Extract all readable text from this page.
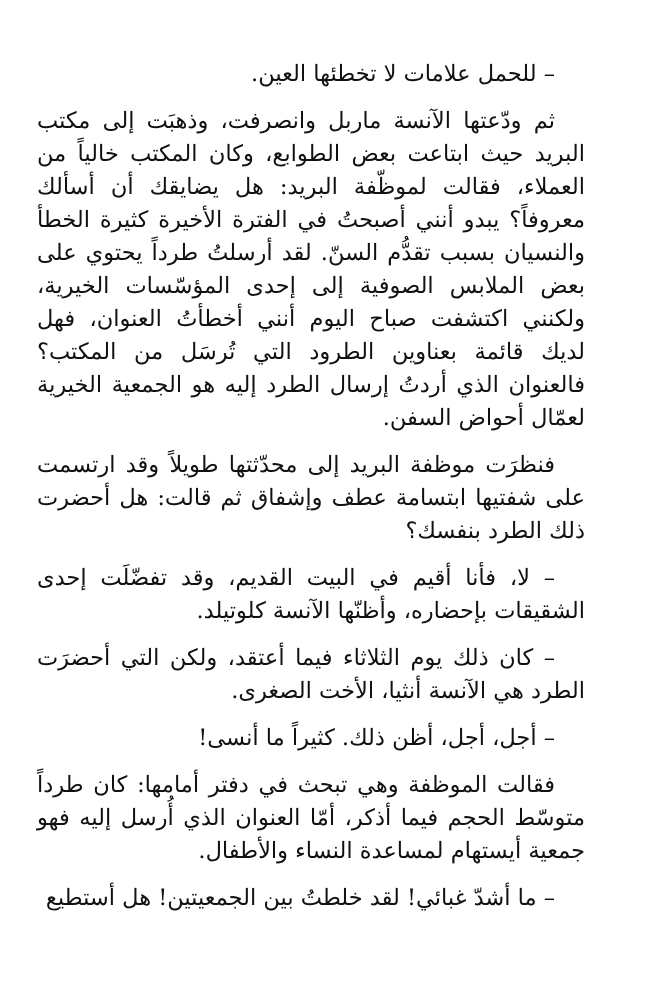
– للحمل علامات لا تخطئها العين.

ثم ودّعتها الآنسة ماربل وانصرفت، وذهبَت إلى مكتب البريد حيث ابتاعت بعض الطوابع، وكان المكتب خالياً من العملاء، فقالت لموظّفة البريد: هل يضايقك أن أسألك معروفاً؟ يبدو أنني أصبحتُ في الفترة الأخيرة كثيرة الخطأ والنسيان بسبب تقدُّم السنّ. لقد أرسلتُ طرداً يحتوي على بعض الملابس الصوفية إلى إحدى المؤسّسات الخيرية، ولكنني اكتشفت صباح اليوم أنني أخطأتُ العنوان، فهل لديك قائمة بعناوين الطرود التي تُرسَل من المكتب؟ فالعنوان الذي أردتُ إرسال الطرد إليه هو الجمعية الخيرية لعمّال أحواض السفن.

فنظرَت موظفة البريد إلى محدّثتها طويلاً وقد ارتسمت على شفتيها ابتسامة عطف وإشفاق ثم قالت: هل أحضرت ذلك الطرد بنفسك؟

– لا، فأنا أقيم في البيت القديم، وقد تفضّلَت إحدى الشقيقات بإحضاره، وأظنّها الآنسة كلوتيلد.

– كان ذلك يوم الثلاثاء فيما أعتقد، ولكن التي أحضرَت الطرد هي الآنسة أنثيا، الأخت الصغرى.

– أجل، أجل، أظن ذلك. كثيراً ما أنسى!

فقالت الموظفة وهي تبحث في دفتر أمامها: كان طرداً متوسّط الحجم فيما أذكر، أمّا العنوان الذي أُرسل إليه فهو جمعية أيستهام لمساعدة النساء والأطفال.

– ما أشدّ غبائي! لقد خلطتُ بين الجمعيتين! هل أستطيع
